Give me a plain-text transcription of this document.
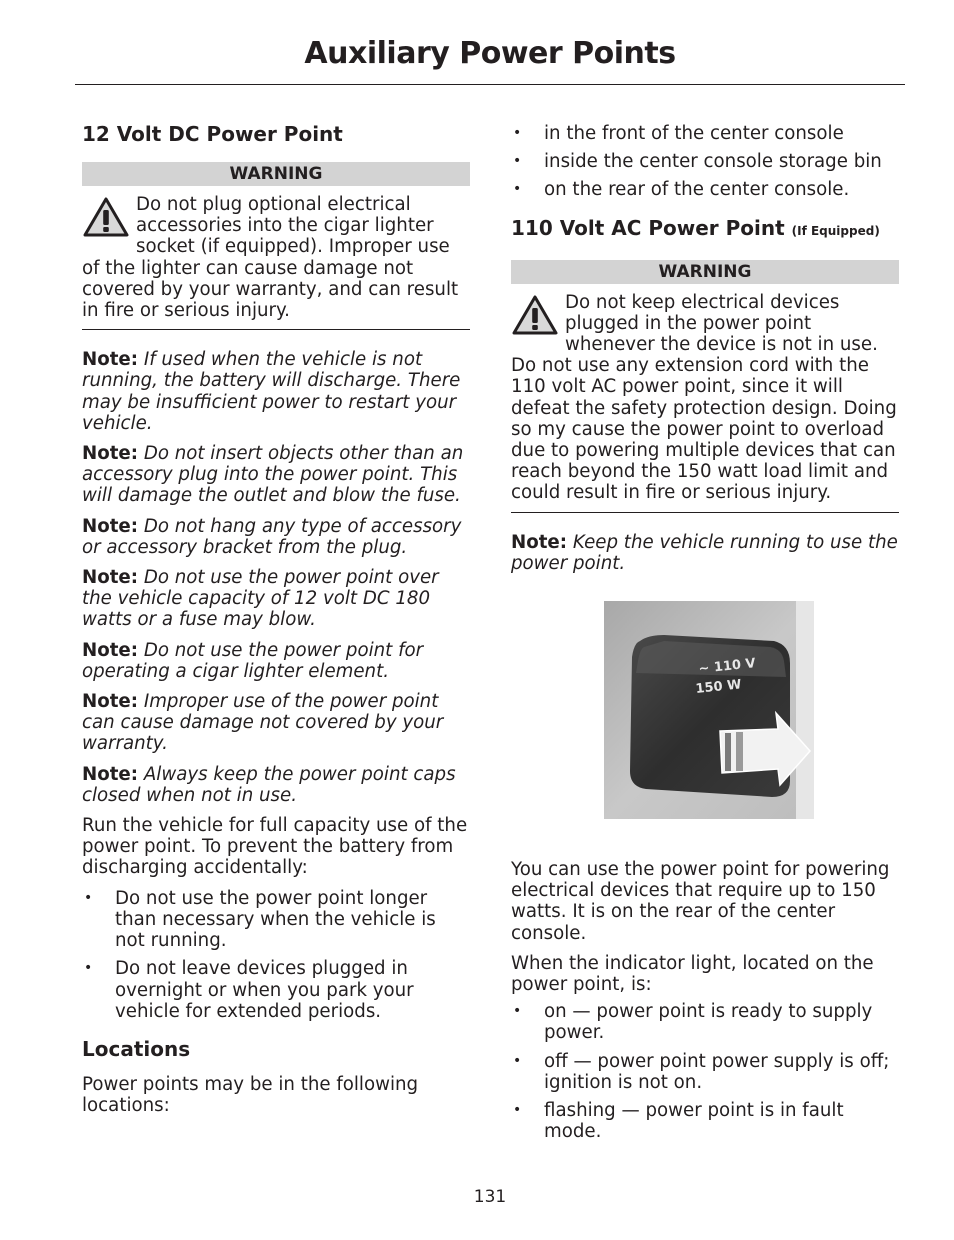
Auxiliary Power Points
12 Volt DC Power Point
WARNING

Do not plug optional electrical accessories into the cigar lighter socket (if equipped). Improper use of the lighter can cause damage not covered by your warranty, and can result in fire or serious injury.

Note: If used when the vehicle is not running, the battery will discharge. There may be insufficient power to restart your vehicle.

Note: Do not insert objects other than an accessory plug into the power point. This will damage the outlet and blow the fuse.

Note: Do not hang any type of accessory or accessory bracket from the plug.

Note: Do not use the power point over the vehicle capacity of 12 volt DC 180 watts or a fuse may blow.

Note: Do not use the power point for operating a cigar lighter element.

Note: Improper use of the power point can cause damage not covered by your warranty.

Note: Always keep the power point caps closed when not in use.

Run the vehicle for full capacity use of the power point. To prevent the battery from discharging accidentally:

• Do not use the power point longer than necessary when the vehicle is not running.
• Do not leave devices plugged in overnight or when you park your vehicle for extended periods.
Locations

Power points may be in the following locations:

• in the front of the center console
• inside the center console storage bin
• on the rear of the center console.
110 Volt AC Power Point (If Equipped)
WARNING

Do not keep electrical devices plugged in the power point whenever the device is not in use. Do not use any extension cord with the 110 volt AC power point, since it will defeat the safety protection design. Doing so my cause the power point to overload due to powering multiple devices that can reach beyond the 150 watt load limit and could result in fire or serious injury.

Note: Keep the vehicle running to use the power point.

You can use the power point for powering electrical devices that require up to 150 watts. It is on the rear of the center console.

When the indicator light, located on the power point, is:

• on — power point is ready to supply power.
• off — power point power supply is off; ignition is not on.
• flashing — power point is in fault mode.
~ 110 V
150 W
131
